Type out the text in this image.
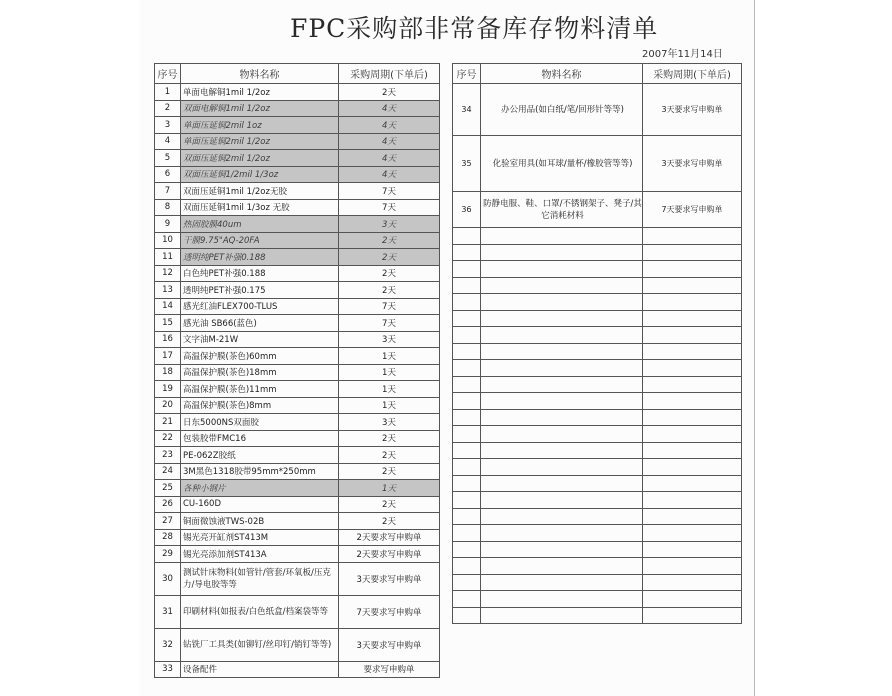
FPC采购部非常备库存物料清单
2007年11月14日
序号	物料名称	采购周期(下单后)
1	单面电解铜1mil 1/2oz	2天
2	双面电解铜1mil 1/2oz	4天
3	单面压延铜2mil 1oz	4天
4	单面压延铜2mil 1/2oz	4天
5	双面压延铜2mil 1/2oz	4天
6	双面压延铜1/2mil 1/3oz	4天
7	双面压延铜1mil 1/2oz无胶	7天
8	双面压延铜1mil 1/3oz 无胶	7天
9	热固胶膜40um	3天
10	干膜9.75"AQ-20FA	2天
11	透明纯PET补强0.188	2天
12	白色纯PET补强0.188	2天
13	透明纯PET补强0.175	2天
14	感光红油FLEX700-TLUS	7天
15	感光油 SB66(蓝色)	7天
16	文字油M-21W	3天
17	高温保护膜(茶色)60mm	1天
18	高温保护膜(茶色)18mm	1天
19	高温保护膜(茶色)11mm	1天
20	高温保护膜(茶色)8mm	1天
21	日东5000NS双面胶	3天
22	包装胶带FMC16	2天
23	PE-062Z胶纸	2天
24	3M黑色1318胶带95mm*250mm	2天
25	各种小钢片	1天
26	CU-160D	2天
27	铜面微蚀液TWS-02B	2天
28	锡光亮开缸剂ST413M	2天要求写申购单
29	锡光亮添加剂ST413A	2天要求写申购单
30	测试针床物料(如管针/管套/环氧板/压克力/导电胶等等	3天要求写申购单
31	印刷材料(如报表/白色纸盒/档案袋等等	7天要求写申购单
32	钻铣厂工具类(如铆钉/丝印钉/销钉等等)	3天要求写申购单
33	设备配件	要求写申购单
序号	物料名称	采购周期(下单后)
34	办公用品(如白纸/笔/回形针等等)	3天要求写申购单
35	化验室用具(如耳球/量杯/橡胶管等等)	3天要求写申购单
36	防静电服、鞋、口罩/不锈钢架子、凳子/其它消耗材料	7天要求写申购单
